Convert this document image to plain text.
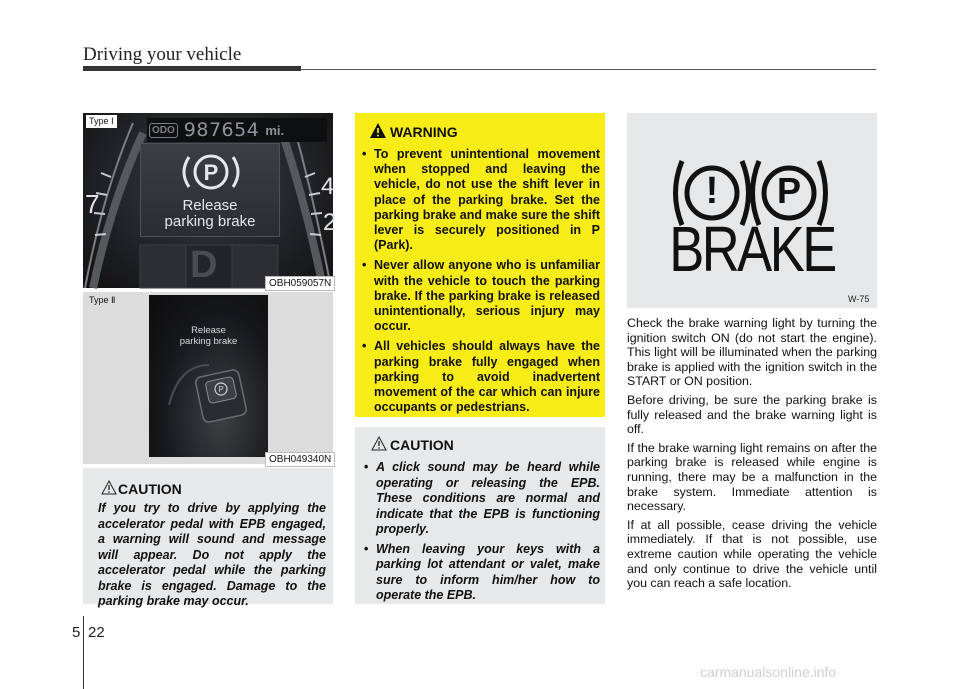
Driving your vehicle
7
4
2
Type Ⅰ
ODO 987654 mi.
P
Release
parking brake
D	OBH059057N
Type Ⅱ
P
Release
parking brake
OBH049340N
CAUTION
If you try to drive by applying the accelerator pedal with EPB engaged, a warning will sound and message will appear. Do not apply the accelerator pedal while the parking brake is engaged. Damage to the parking brake may occur.
WARNING
• To prevent unintentional movement when stopped and leaving the vehicle, do not use the shift lever in place of the parking brake. Set the parking brake and make sure the shift lever is securely positioned in P (Park).
• Never allow anyone who is unfamiliar with the vehicle to touch the parking brake. If the parking brake is released unintentionally, serious injury may occur.
• All vehicles should always have the parking brake fully engaged when parking to avoid inadvertent movement of the car which can injure occupants or pedestrians.
CAUTION
• A click sound may be heard while operating or releasing the EPB. These conditions are normal and indicate that the EPB is functioning properly.
• When leaving your keys with a parking lot attendant or valet, make sure to inform him/her how to operate the EPB.
! P
BRAKE
W-75

Check the brake warning light by turning the ignition switch ON (do not start the engine). This light will be illuminated when the parking brake is applied with the ignition switch in the START or ON position.

Before driving, be sure the parking brake is fully released and the brake warning light is off.

If the brake warning light remains on after the parking brake is released while engine is running, there may be a malfunction in the brake system. Immediate attention is necessary.

If at all possible, cease driving the vehicle immediately. If that is not possible, use extreme caution while operating the vehicle and only continue to drive the vehicle until you can reach a safe location.

5 22
carmanualsonline.info
